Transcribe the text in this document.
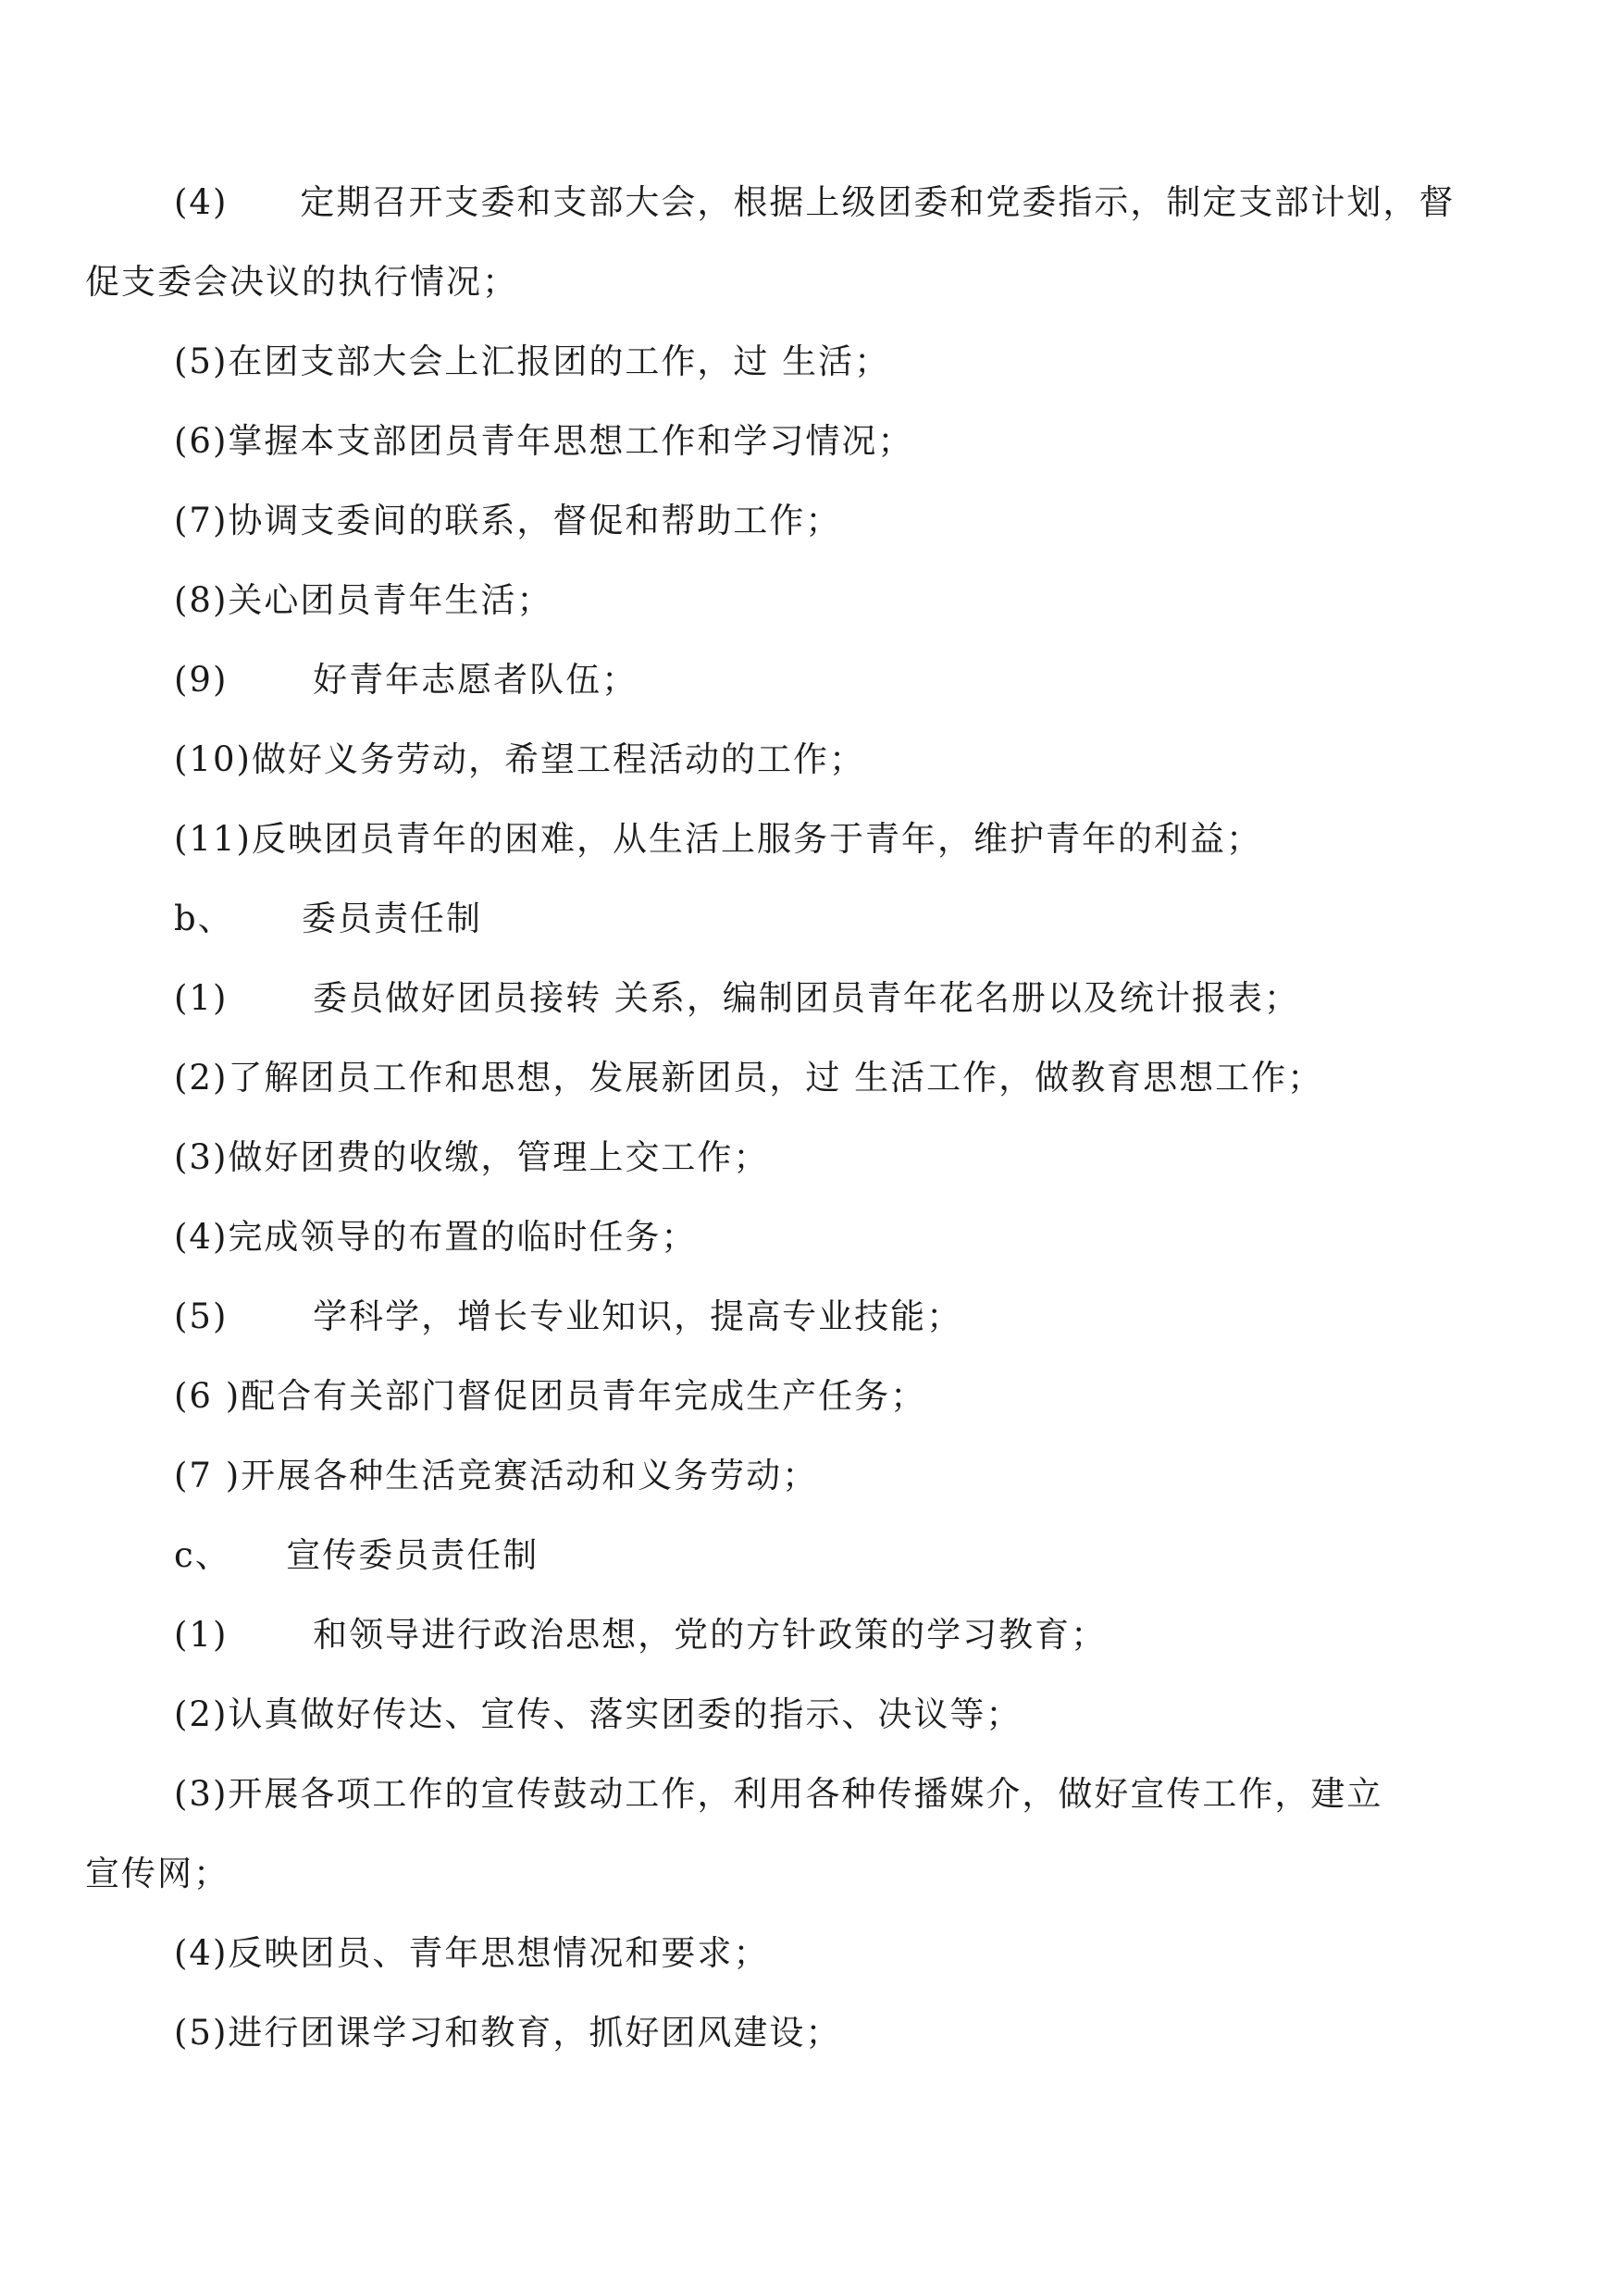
(4)　　定期召开支委和支部大会，根据上级团委和党委指示，制定支部计划，督
促支委会决议的执行情况；
(5)在团支部大会上汇报团的工作，过 生活；
(6)掌握本支部团员青年思想工作和学习情况；
(7)协调支委间的联系，督促和帮助工作；
(8)关心团员青年生活；
(9)　　 好青年志愿者队伍；
(10)做好义务劳动，希望工程活动的工作；
(11)反映团员青年的困难，从生活上服务于青年，维护青年的利益；
b、　　 委员责任制
(1)　　 委员做好团员接转 关系，编制团员青年花名册以及统计报表；
(2)了解团员工作和思想，发展新团员，过 生活工作，做教育思想工作；
(3)做好团费的收缴，管理上交工作；
(4)完成领导的布置的临时任务；
(5)　　 学科学，增长专业知识，提高专业技能；
(6 )配合有关部门督促团员青年完成生产任务；
(7 )开展各种生活竞赛活动和义务劳动；
c、　　宣传委员责任制
(1)　　 和领导进行政治思想，党的方针政策的学习教育；
(2)认真做好传达、宣传、落实团委的指示、决议等；
(3)开展各项工作的宣传鼓动工作，利用各种传播媒介，做好宣传工作，建立
宣传网；
(4)反映团员、青年思想情况和要求；
(5)进行团课学习和教育，抓好团风建设；
